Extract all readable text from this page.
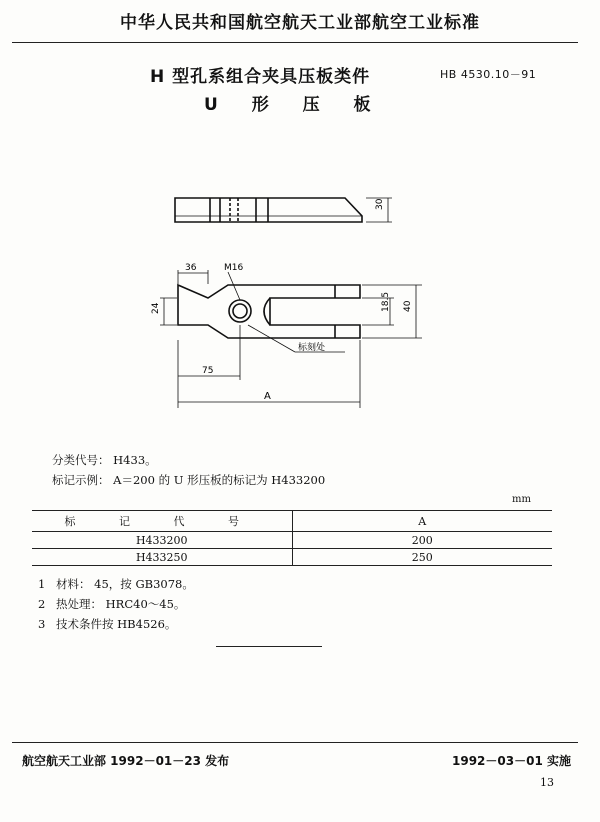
中华人民共和国航空航天工业部航空工业标准
H 型孔系组合夹具压板类件	HB 4530.10－91
U 形 压 板
30
36	M16
24	18.5 40
75
标刻处
A
分类代号： H433。
标记示例： A＝200 的 U 形压板的标记为 H433200
mm
标 记 代 号	A
H433200	200
H433250	250
1 材料： 45，按 GB3078。
2 热处理： HRC40～45。
3 技术条件按 HB4526。
航空航天工业部 1992－01－23 发布	1992－03－01 实施
13
